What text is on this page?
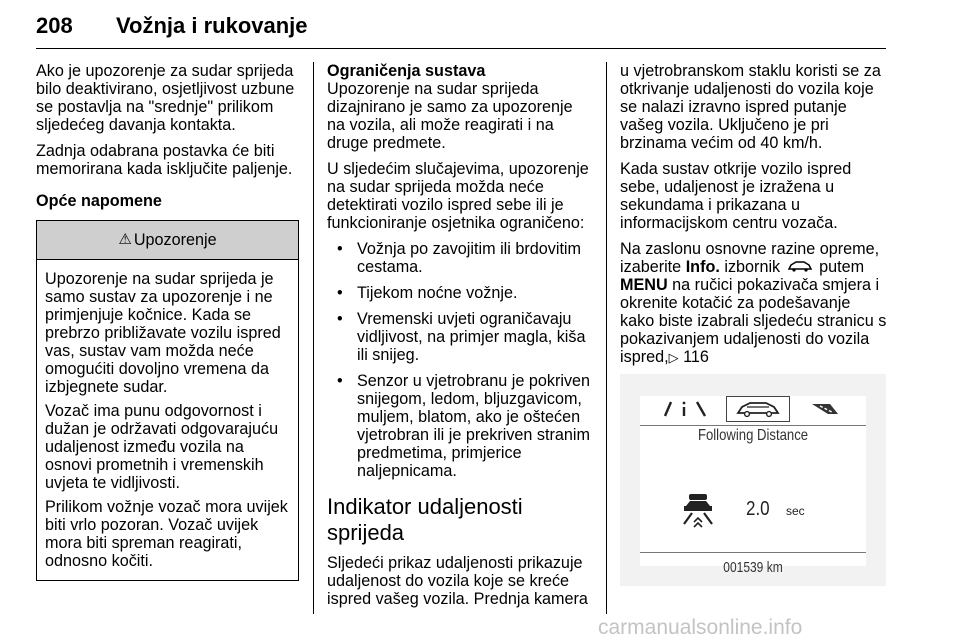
208 Vožnja i rukovanje

Ako je upozorenje za sudar sprijeda bilo deaktivirano, osjetljivost uzbune se postavlja na "srednje" prilikom sljedećeg davanja kontakta.

Zadnja odabrana postavka će biti memorirana kada isključite paljenje.

Opće napomene
⚠ Upozorenje

Upozorenje na sudar sprijeda je samo sustav za upozorenje i ne primjenjuje kočnice. Kada se prebrzo približavate vozilu ispred vas, sustav vam možda neće omogućiti dovoljno vremena da izbjegnete sudar.

Vozač ima punu odgovornost i dužan je održavati odgovarajuću udaljenost između vozila na osnovi prometnih i vremenskih uvjeta te vidljivosti.

Prilikom vožnje vozač mora uvijek biti vrlo pozoran. Vozač uvijek mora biti spreman reagirati, odnosno kočiti.

Ograničenja sustava

Upozorenje na sudar sprijeda dizajnirano je samo za upozorenje na vozila, ali može reagirati i na druge predmete.

U sljedećim slučajevima, upozorenje na sudar sprijeda možda neće detektirati vozilo ispred sebe ili je funkcioniranje osjetnika ograničeno:

• Vožnja po zavojitim ili brdovitim cestama.
• Tijekom noćne vožnje.
• Vremenski uvjeti ograničavaju vidljivost, na primjer magla, kiša ili snijeg.
• Senzor u vjetrobranu je pokriven snijegom, ledom, bljuzgavicom, muljem, blatom, ako je oštećen vjetrobran ili je prekriven stranim predmetima, primjerice naljepnicama.
Indikator udaljenosti sprijeda

Sljedeći prikaz udaljenosti prikazuje udaljenost do vozila koje se kreće ispred vašeg vozila. Prednja kamera

u vjetrobranskom staklu koristi se za otkrivanje udaljenosti do vozila koje se nalazi izravno ispred putanje vašeg vozila. Uključeno je pri brzinama većim od 40 km/h.

Kada sustav otkrije vozilo ispred sebe, udaljenost je izražena u sekundama i prikazana u informacijskom centru vozača.

Na zaslonu osnovne razine opreme, izaberite Info. izbornik  putem MENU na ručici pokazivača smjera i okrenite kotačić za podešavanje kako biste izabrali sljedeću stranicu s pokazivanjem udaljenosti do vozila ispred,▷ 116

Following Distance
2.0 sec
001539 km
carmanualsonline.info
